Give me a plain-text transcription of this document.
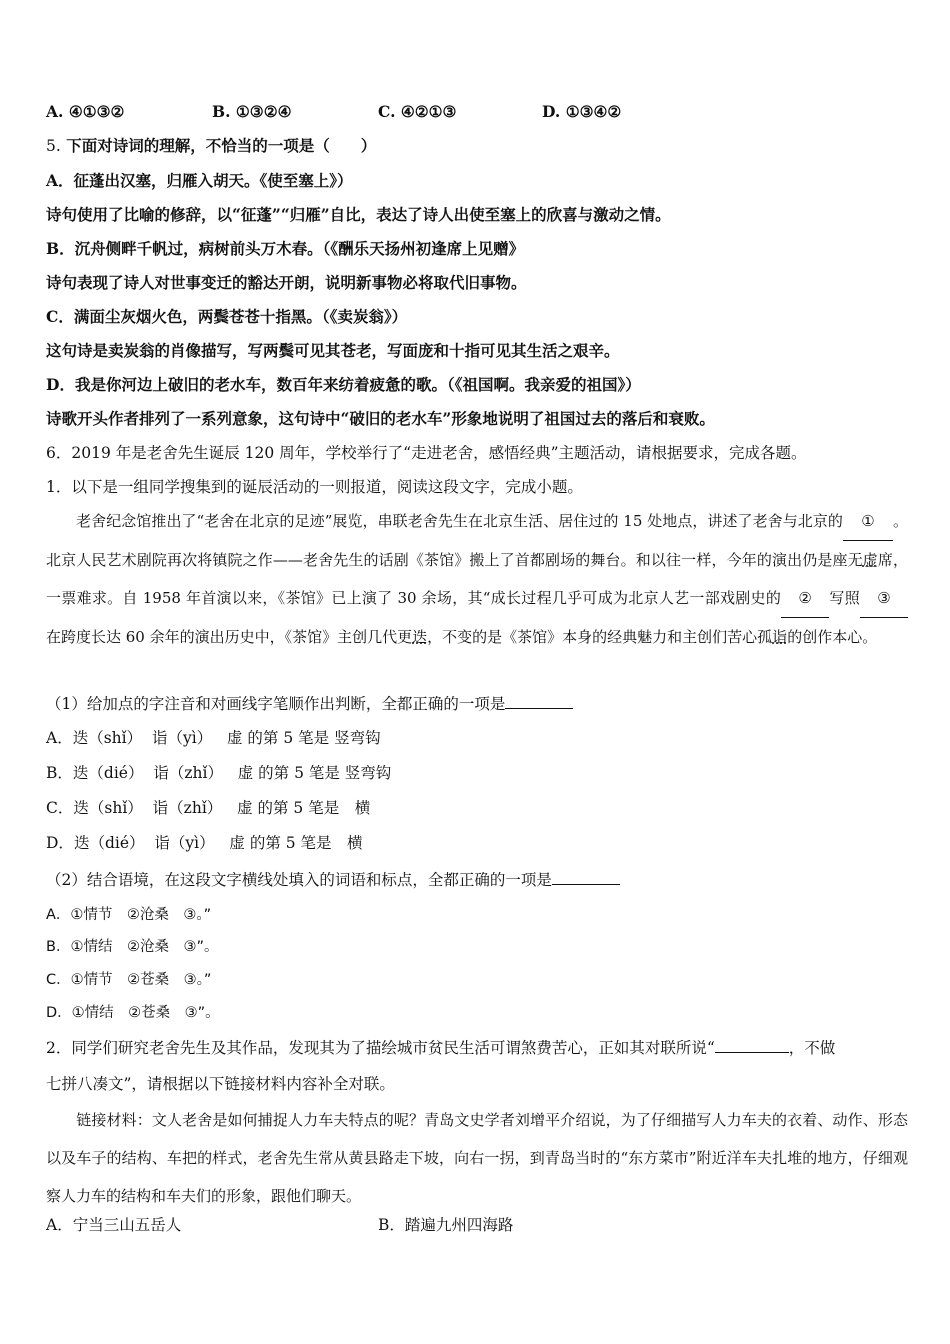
A. ④①③②	B. ①③②④	C. ④②①③	D. ①③④②
5. 下面对诗词的理解，不恰当的一项是（　　）
A．征蓬出汉塞，归雁入胡天。《使至塞上》）
诗句使用了比喻的修辞，以“征蓬”“归雁”自比，表达了诗人出使至塞上的欣喜与激动之情。
B．沉舟侧畔千帆过，病树前头万木春。（《酬乐天扬州初逢席上见赠》
诗句表现了诗人对世事变迁的豁达开朗，说明新事物必将取代旧事物。
C．满面尘灰烟火色，两鬓苍苍十指黑。（《卖炭翁》）
这句诗是卖炭翁的肖像描写，写两鬓可见其苍老，写面庞和十指可见其生活之艰辛。
D．我是你河边上破旧的老水车，数百年来纺着疲惫的歌。（《祖国啊。我亲爱的祖国》）
诗歌开头作者排列了一系列意象，这句诗中“破旧的老水车”形象地说明了祖国过去的落后和衰败。
6．2019 年是老舍先生诞辰 120 周年，学校举行了“走进老舍，感悟经典”主题活动，请根据要求，完成各题。
1．以下是一组同学搜集到的诞辰活动的一则报道，阅读这段文字，完成小题。
　　老舍纪念馆推出了“老舍在北京的足迹”展览，串联老舍先生在北京生活、居住过的 15 处地点，讲述了老舍与北京的 ① 。北京人民艺术剧院再次将镇院之作——老舍先生的话剧《茶馆》搬上了首都剧场的舞台。和以往一样，今年的演出仍是座无虚席，一票难求。自 1958 年首演以来，《茶馆》已上演了 30 余场，其“成长过程几乎可成为北京人艺一部戏剧史的 ② 写照 ③在跨度长达 60 余年的演出历史中，《茶馆》主创几代更迭，不变的是《茶馆》本身的经典魅力和主创们苦心孤诣的创作本心。
（1）给加点的字注音和对画线字笔顺作出判断，全都正确的一项是
A．迭（shǐ） 诣（yì） 虚 的第 5 笔是 竖弯钩
B．迭（dié） 诣（zhǐ） 虚 的第 5 笔是 竖弯钩
C．迭（shǐ） 诣（zhǐ） 虚 的第 5 笔是　横
D．迭（dié） 诣（yì） 虚 的第 5 笔是　横
（2）结合语境，在这段文字横线处填入的词语和标点，全都正确的一项是
A．①情节　②沧桑　③。”
B．①情结　②沧桑　③”。
C．①情节　②苍桑　③。”
D．①情结　②苍桑　③”。
2．同学们研究老舍先生及其作品，发现其为了描绘城市贫民生活可谓煞费苦心，正如其对联所说“	，不做
七拼八凑文”，请根据以下链接材料内容补全对联。
　　链接材料：文人老舍是如何捕捉人力车夫特点的呢？青岛文史学者刘增平介绍说，为了仔细描写人力车夫的衣着、动作、形态以及车子的结构、车把的样式，老舍先生常从黄县路走下坡，向右一拐，到青岛当时的“东方菜市”附近洋车夫扎堆的地方，仔细观察人力车的结构和车夫们的形象，跟他们聊天。
A．宁当三山五岳人	B．踏遍九州四海路
